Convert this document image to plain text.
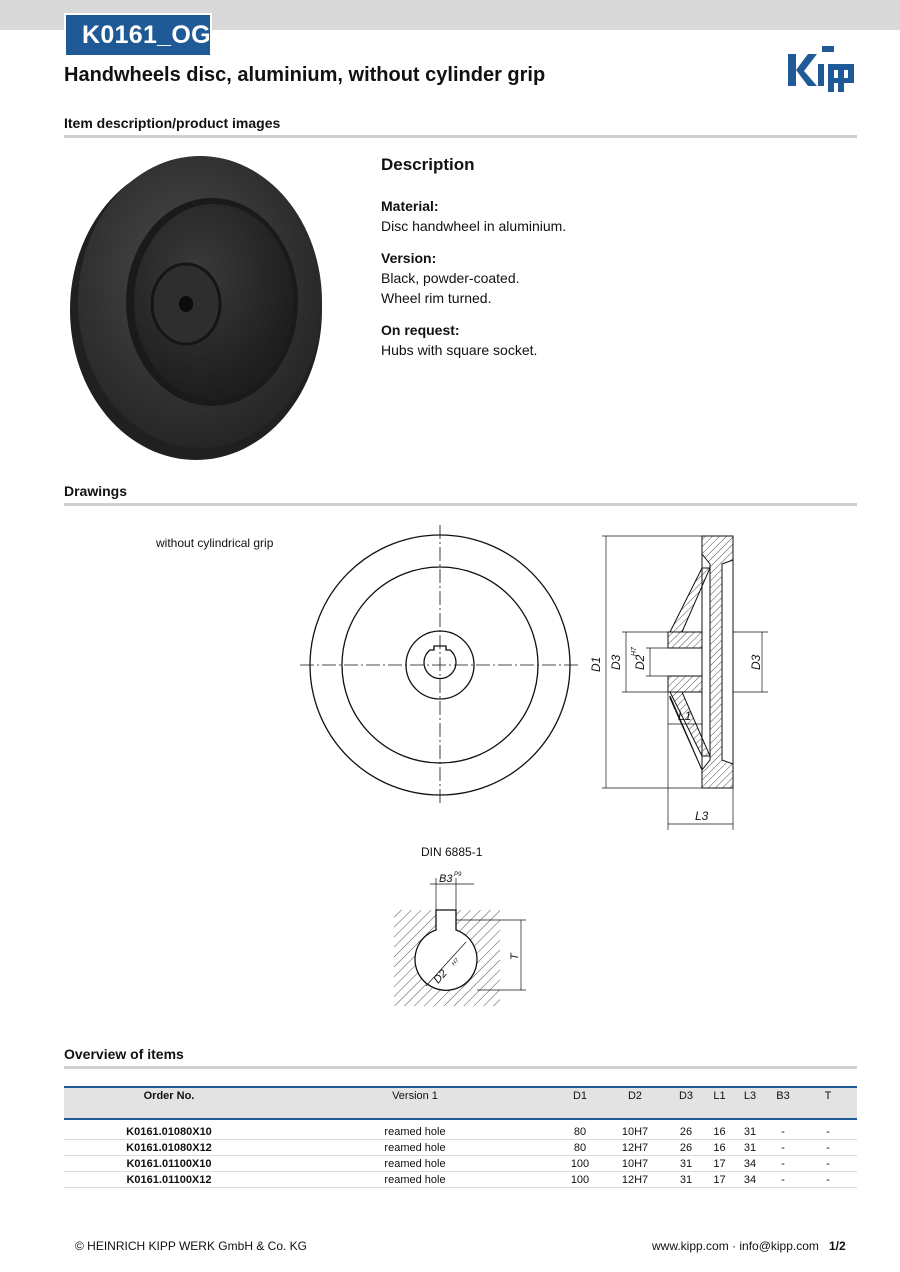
K0161_OG
Handwheels disc, aluminium, without cylinder grip
Kipp
Item description/product images
Description
Material:
Disc handwheel in aluminium.
Version:
Black, powder-coated.
Wheel rim turned.
On request:
Hubs with square socket.
Drawings
without cylindrical grip
D1 D3 D2
H7
D3
L1
L3
DIN 6885-1
B3 P9
D2
H7
T
Overview of items
Order No.	Version 1	D1	D2	D3	L1	L3	B3	T

K0161.01080X10	reamed hole	80	10H7	26	16	31	-	-
K0161.01080X12	reamed hole	80	12H7	26	16	31	-	-
K0161.01100X10	reamed hole	100	10H7	31	17	34	-	-
K0161.01100X12	reamed hole	100	12H7	31	17	34	-	-
© HEINRICH KIPP WERK GmbH & Co. KG	www.kipp.com · info@kipp.com 1/2
